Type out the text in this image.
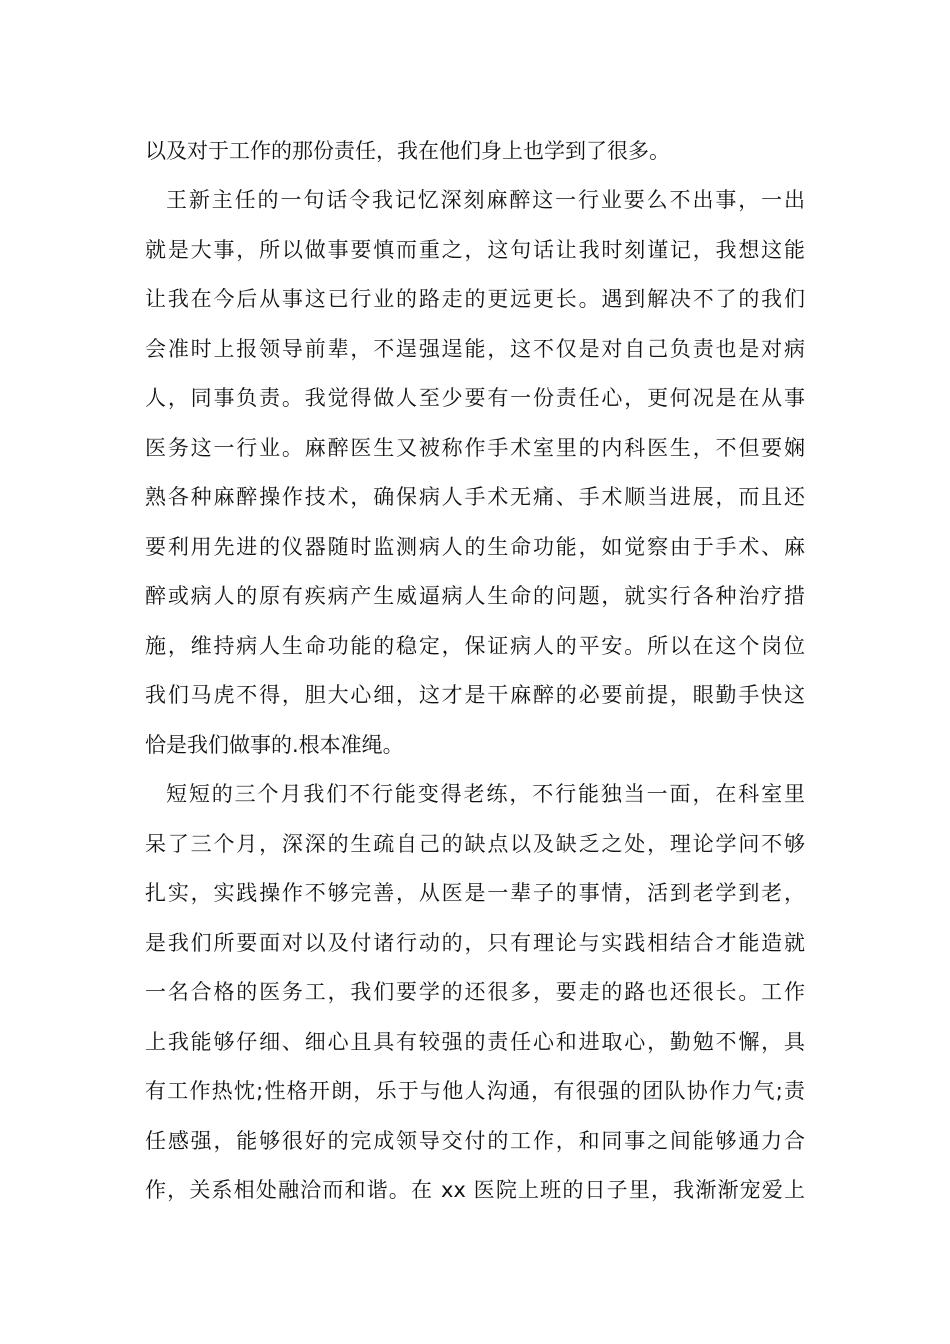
以及对于工作的那份责任，我在他们身上也学到了很多。
王新主任的一句话令我记忆深刻麻醉这一行业要么不出事，一出
就是大事，所以做事要慎而重之，这句话让我时刻谨记，我想这能
让我在今后从事这已行业的路走的更远更长。遇到解决不了的我们
会准时上报领导前辈，不逞强逞能，这不仅是对自己负责也是对病
人，同事负责。我觉得做人至少要有一份责任心，更何况是在从事
医务这一行业。麻醉医生又被称作手术室里的内科医生，不但要娴
熟各种麻醉操作技术，确保病人手术无痛、手术顺当进展，而且还
要利用先进的仪器随时监测病人的生命功能，如觉察由于手术、麻
醉或病人的原有疾病产生威逼病人生命的问题，就实行各种治疗措
施，维持病人生命功能的稳定，保证病人的平安。所以在这个岗位
我们马虎不得，胆大心细，这才是干麻醉的必要前提，眼勤手快这
恰是我们做事的.根本准绳。
短短的三个月我们不行能变得老练，不行能独当一面，在科室里
呆了三个月，深深的生疏自己的缺点以及缺乏之处，理论学问不够
扎实，实践操作不够完善，从医是一辈子的事情，活到老学到老，
是我们所要面对以及付诸行动的，只有理论与实践相结合才能造就
一名合格的医务工，我们要学的还很多，要走的路也还很长。工作
上我能够仔细、细心且具有较强的责任心和进取心，勤勉不懈，具
有工作热忱;性格开朗，乐于与他人沟通，有很强的团队协作力气;责
任感强，能够很好的完成领导交付的工作，和同事之间能够通力合
作，关系相处融洽而和谐。在 xx 医院上班的日子里，我渐渐宠爱上
